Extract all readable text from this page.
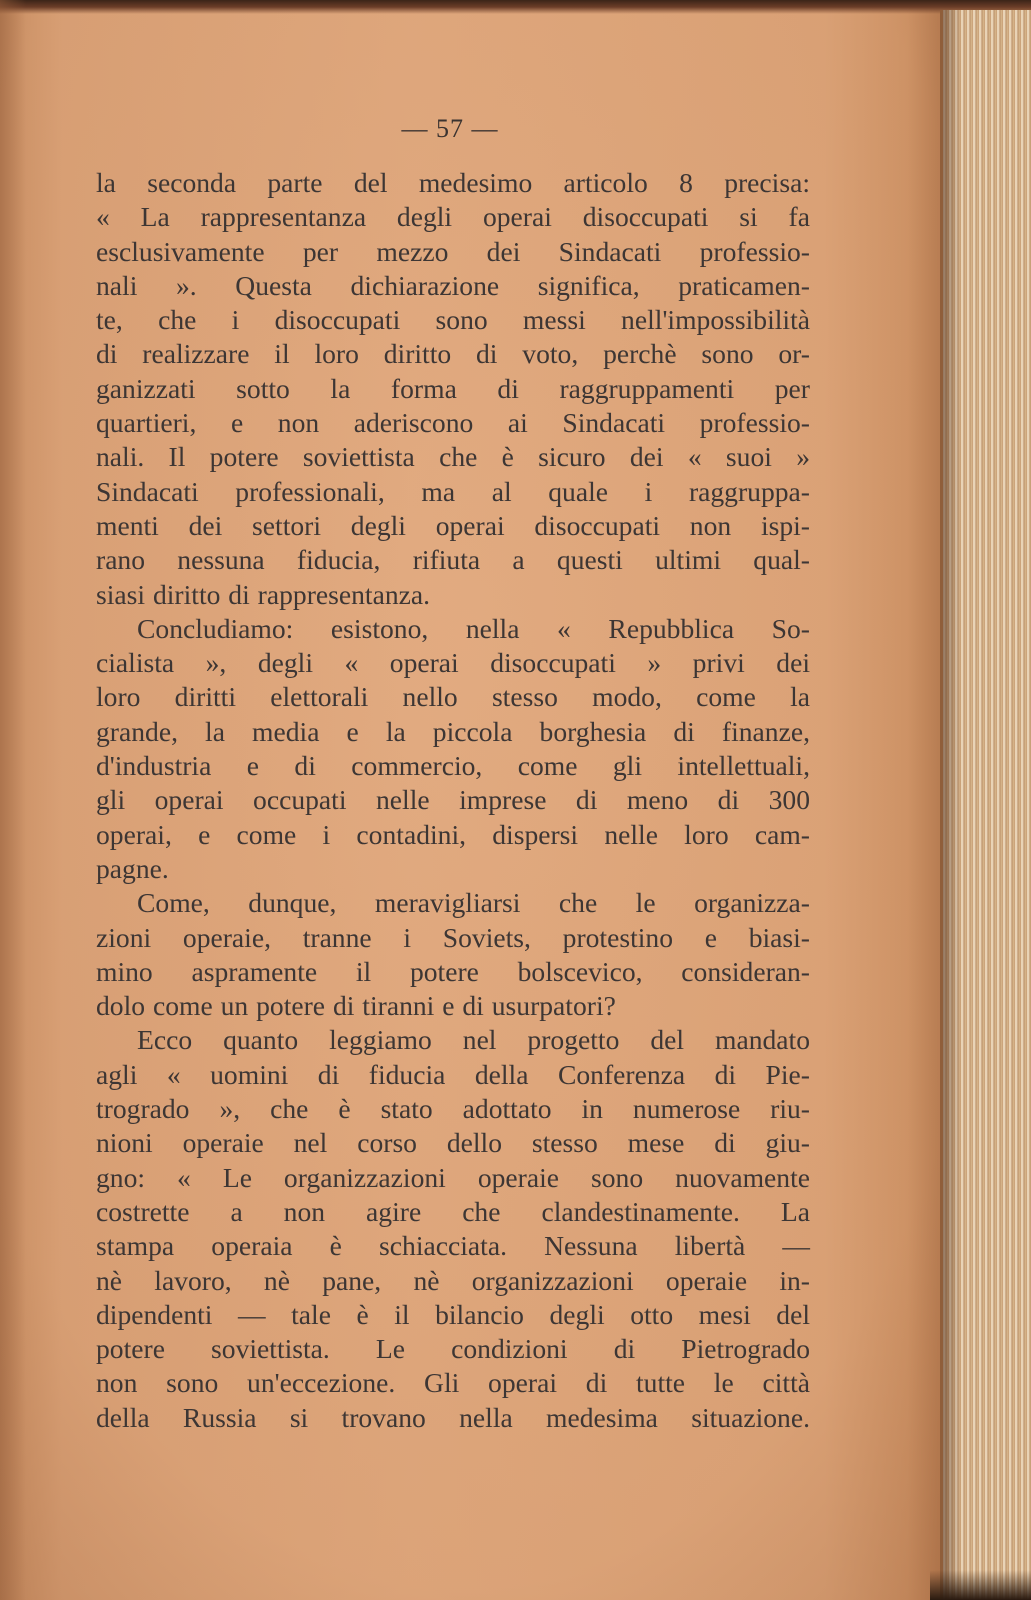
— 57 —
la seconda parte del medesimo articolo 8 precisa:
« La rappresentanza degli operai disoccupati si fa
esclusivamente per mezzo dei Sindacati professio-
nali ». Questa dichiarazione significa, praticamen-
te, che i disoccupati sono messi nell'impossibilità
di realizzare il loro diritto di voto, perchè sono or-
ganizzati sotto la forma di raggruppamenti per
quartieri, e non aderiscono ai Sindacati professio-
nali. Il potere soviettista che è sicuro dei « suoi »
Sindacati professionali, ma al quale i raggruppa-
menti dei settori degli operai disoccupati non ispi-
rano nessuna fiducia, rifiuta a questi ultimi qual-
siasi diritto di rappresentanza.
Concludiamo: esistono, nella « Repubblica So-
cialista », degli « operai disoccupati » privi dei
loro diritti elettorali nello stesso modo, come la
grande, la media e la piccola borghesia di finanze,
d'industria e di commercio, come gli intellettuali,
gli operai occupati nelle imprese di meno di 300
operai, e come i contadini, dispersi nelle loro cam-
pagne.
Come, dunque, meravigliarsi che le organizza-
zioni operaie, tranne i Soviets, protestino e biasi-
mino aspramente il potere bolscevico, consideran-
dolo come un potere di tiranni e di usurpatori?
Ecco quanto leggiamo nel progetto del mandato
agli « uomini di fiducia della Conferenza di Pie-
trogrado », che è stato adottato in numerose riu-
nioni operaie nel corso dello stesso mese di giu-
gno: « Le organizzazioni operaie sono nuovamente
costrette a non agire che clandestinamente. La
stampa operaia è schiacciata. Nessuna libertà —
nè lavoro, nè pane, nè organizzazioni operaie in-
dipendenti — tale è il bilancio degli otto mesi del
potere soviettista. Le condizioni di Pietrogrado
non sono un'eccezione. Gli operai di tutte le città
della Russia si trovano nella medesima situazione.
